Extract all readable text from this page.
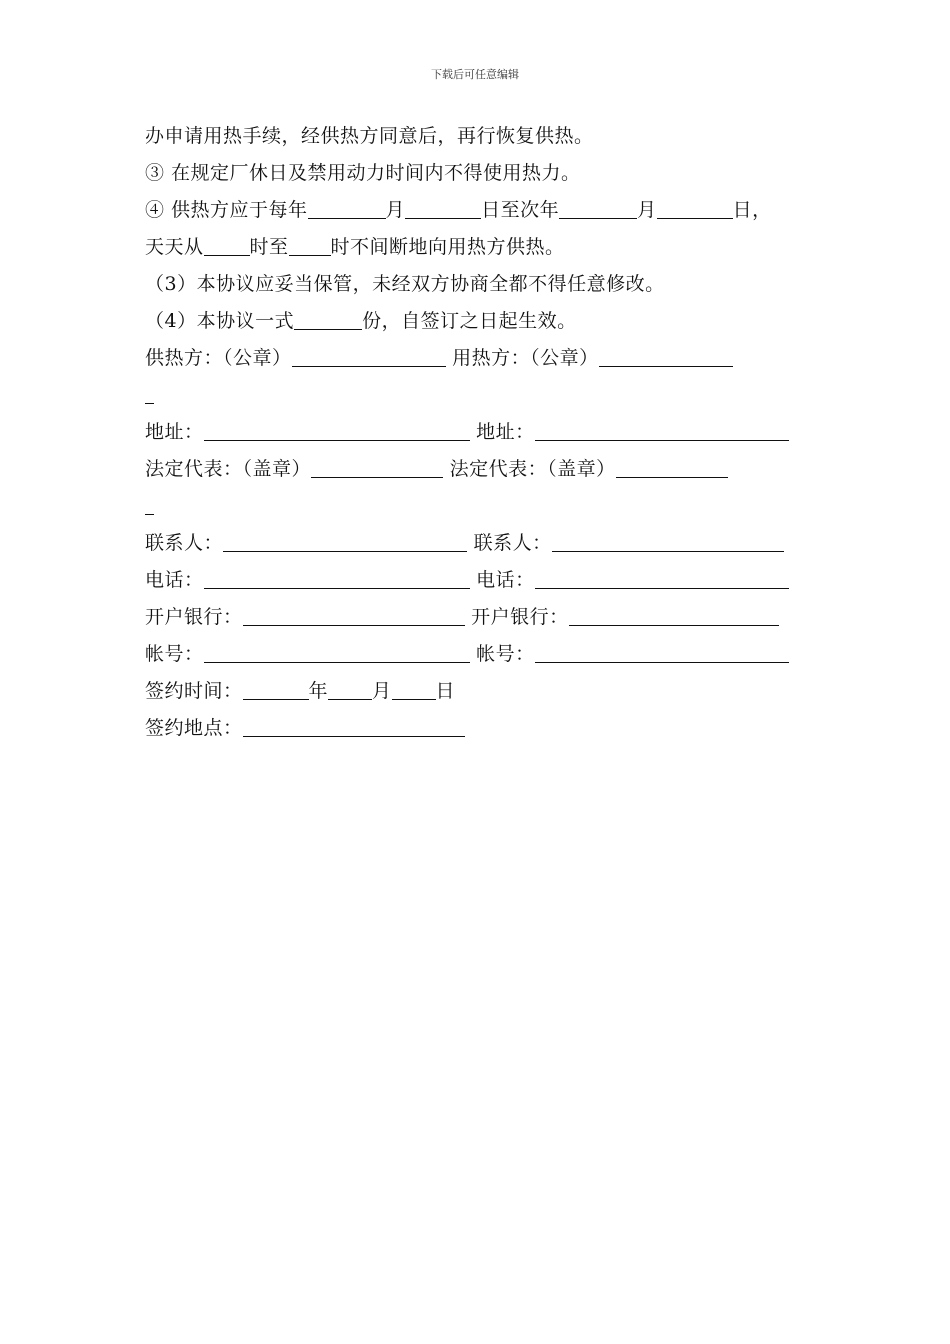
下载后可任意编辑
办申请用热手续，经供热方同意后，再行恢复供热。
③ 在规定厂休日及禁用动力时间内不得使用热力。
④ 供热方应于每年	月	日至次年	月	日，
天天从 时至 时不间断地向用热方供热。
（3）本协议应妥当保管，未经双方协商全都不得任意修改。
（4）本协议一式	份，自签订之日起生效。
供热方：（公章）	用热方：（公章）
地址：	地址：
法定代表：（盖章）	法定代表：（盖章）
联系人：	联系人：
电话：	电话：
开户银行：	开户银行：
帐号：	帐号：
签约时间：	年 月 日
签约地点：
